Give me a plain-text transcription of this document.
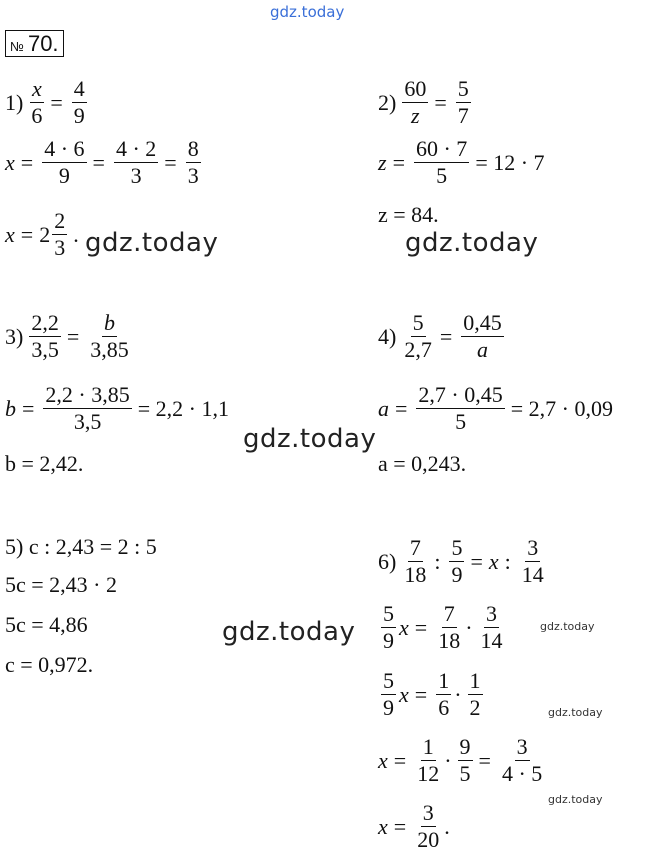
gdz.today
№ 70.
$1) \frac{x}{6} = \frac{4}{9}$
$x = \frac{4 \cdot 6}{9} = \frac{4 \cdot 2}{3} = \frac{8}{3}$
$x = 2 \frac{2}{3}$ . gdz.today
$2) \frac{60}{z} = \frac{5}{7}$
$z = \frac{60 \cdot 7}{5} = 12 \cdot 7$
z = 84.
gdz.today
$3) \frac{2,2}{3,5} = \frac{b}{3,85}$
$b = \frac{2,2 \cdot 3,85}{3,5} = 2,2 \cdot 1,1$
b = 2,42.
gdz.today
$4) \frac{5}{2,7} = \frac{0,45}{a}$
$a = \frac{2,7 \cdot 0,45}{5} = 2,7 \cdot 0,09$
a = 0,243.
5) c : 2,43 = 2 : 5
5c = 2,43 · 2
5c = 4,86
c = 0,972.
gdz.today
$6) \frac{7}{18}$ : $\frac{5}{9} = x$ : $\frac{3}{14}$
$\frac{5}{9}$ $x = \frac{7}{18} \cdot \frac{3}{14}$	gdz.today
$\frac{5}{9}$ $x = \frac{1}{6} \cdot \frac{1}{2}$	gdz.today
$x = \frac{1}{12} \cdot \frac{9}{5} = \frac{3}{4 \cdot 5}$
gdz.today
$x = \frac{3}{20}$ .
